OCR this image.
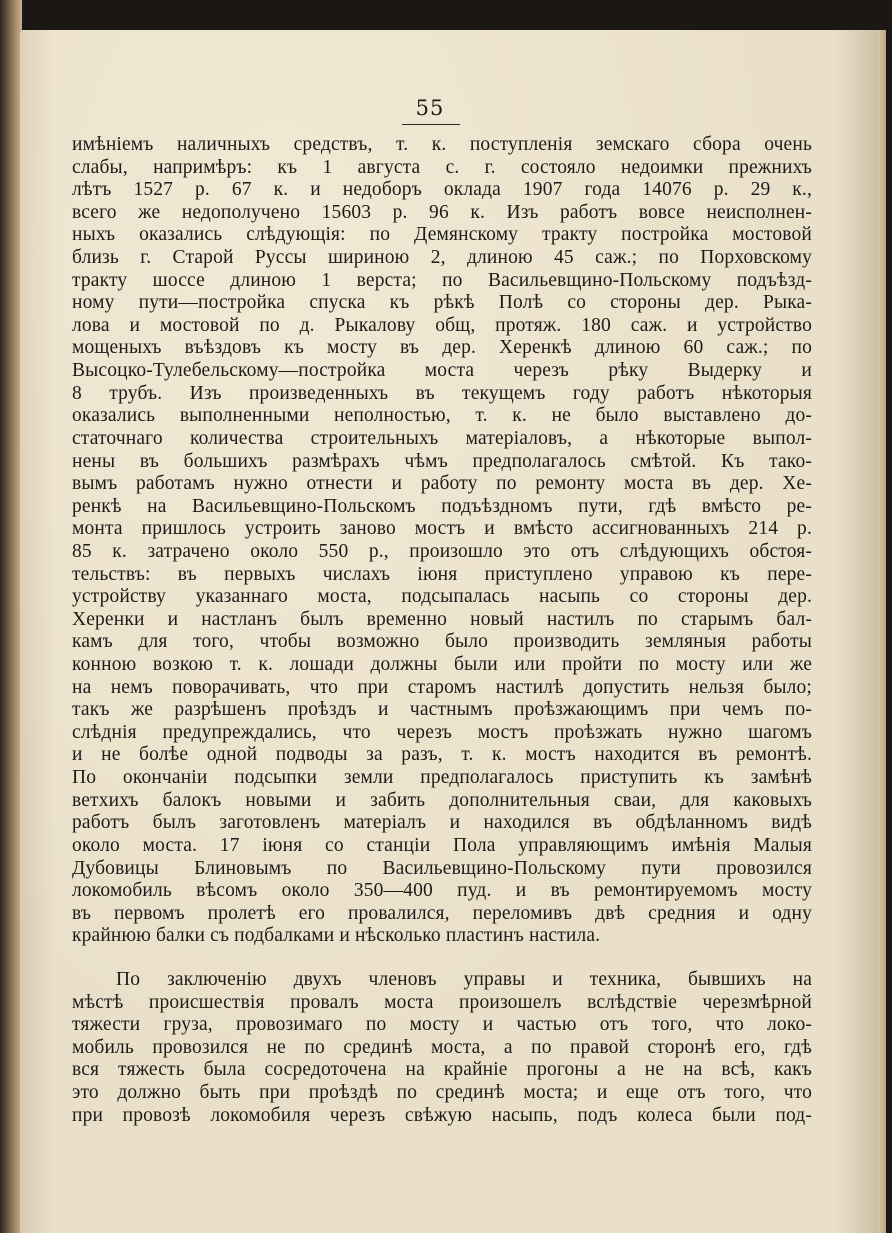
55
имѣніемъ наличныхъ средствъ, т. к. поступленія земскаго сбора очень
слабы, напримѣръ: къ 1 августа с. г. состояло недоимки прежнихъ
лѣтъ 1527 р. 67 к. и недоборъ оклада 1907 года 14076 р. 29 к.,
всего же недополучено 15603 р. 96 к. Изъ работъ вовсе неисполнен-
ныхъ оказались слѣдующія: по Демянскому тракту постройка мостовой
близь г. Старой Руссы шириною 2, длиною 45 саж.; по Порховскому
тракту шоссе длиною 1 верста; по Васильевщино-Польскому подъѣзд-
ному пути—постройка спуска къ рѣкѣ Полѣ со стороны дер. Рыка-
лова и мостовой по д. Рыкалову общ, протяж. 180 саж. и устройство
мощеныхъ въѣздовъ къ мосту въ дер. Херенкѣ длиною 60 саж.; по
Высоцко-Тулебельскому—постройка моста черезъ рѣку Выдерку и
8 трубъ. Изъ произведенныхъ въ текущемъ году работъ нѣкоторыя
оказались выполненными неполностью, т. к. не было выставлено до-
статочнаго количества строительныхъ матеріаловъ, а нѣкоторые выпол-
нены въ большихъ размѣрахъ чѣмъ предполагалось смѣтой. Къ тако-
вымъ работамъ нужно отнести и работу по ремонту моста въ дер. Хе-
ренкѣ на Васильевщино-Польскомъ подъѣздномъ пути, гдѣ вмѣсто ре-
монта пришлось устроить заново мостъ и вмѣсто ассигнованныхъ 214 р.
85 к. затрачено около 550 р., произошло это отъ слѣдующихъ обстоя-
тельствъ: въ первыхъ числахъ іюня приступлено управою къ пере-
устройству указаннаго моста, подсыпалась насыпь со стороны дер.
Херенки и настланъ былъ временно новый настилъ по старымъ бал-
камъ для того, чтобы возможно было производить земляныя работы
конною возкою т. к. лошади должны были или пройти по мосту или же
на немъ поворачивать, что при старомъ настилѣ допустить нельзя было;
такъ же разрѣшенъ проѣздъ и частнымъ проѣзжающимъ при чемъ по-
слѣднія предупреждались, что черезъ мостъ проѣзжать нужно шагомъ
и не болѣе одной подводы за разъ, т. к. мостъ находится въ ремонтѣ.
По окончаніи подсыпки земли предполагалось приступить къ замѣнѣ
ветхихъ балокъ новыми и забить дополнительныя сваи, для каковыхъ
работъ былъ заготовленъ матеріалъ и находился въ обдѣланномъ видѣ
около моста. 17 іюня со станціи Пола управляющимъ имѣнія Малыя
Дубовицы Блиновымъ по Васильевщино-Польскому пути провозился
локомобиль вѣсомъ около 350—400 пуд. и въ ремонтируемомъ мосту
въ первомъ пролетѣ его провалился, переломивъ двѣ средния и одну
крайнюю балки съ подбалками и нѣсколько пластинъ настила.
По заключенію двухъ членовъ управы и техника, бывшихъ на
мѣстѣ происшествія провалъ моста произошелъ вслѣдствіе черезмѣрной
тяжести груза, провозимаго по мосту и частью отъ того, что локо-
мобиль провозился не по срединѣ моста, а по правой сторонѣ его, гдѣ
вся тяжесть была сосредоточена на крайніе прогоны а не на всѣ, какъ
это должно быть при проѣздѣ по срединѣ моста; и еще отъ того, что
при провозѣ локомобиля черезъ свѣжую насыпь, подъ колеса были под-
